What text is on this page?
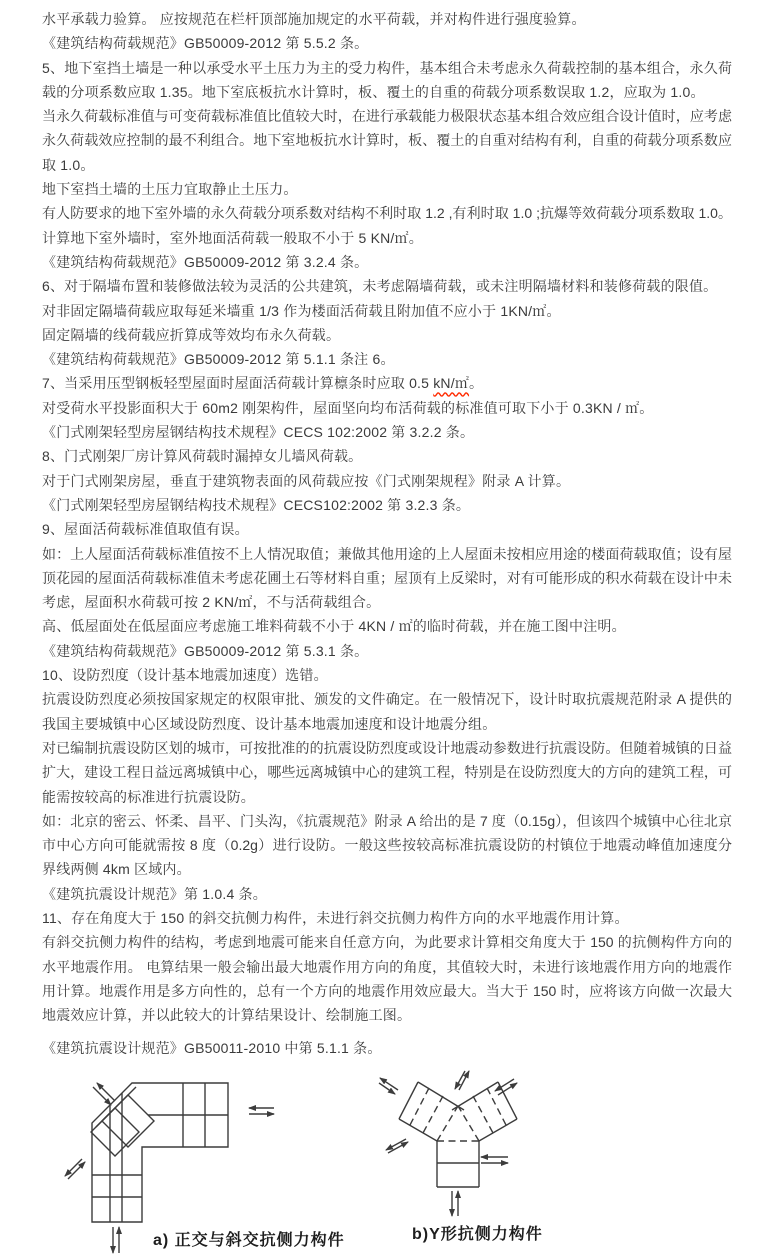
水平承载力验算。 应按规范在栏杆顶部施加规定的水平荷载，并对构件进行强度验算。
《建筑结构荷载规范》GB50009-2012 第 5.5.2 条。
5、地下室挡土墙是一种以承受水平土压力为主的受力构件，基本组合未考虑永久荷载控制的基本组合，永久荷
载的分项系数应取 1.35。地下室底板抗水计算时，板、覆土的自重的荷载分项系数误取 1.2，应取为 1.0。
当永久荷载标准值与可变荷载标准值比值较大时，在进行承载能力极限状态基本组合效应组合设计值时，应考虑
永久荷载效应控制的最不利组合。地下室地板抗水计算时，板、覆土的自重对结构有利，自重的荷载分项系数应
取 1.0。
地下室挡土墙的土压力宜取静止土压力。
有人防要求的地下室外墙的永久荷载分项系数对结构不利时取 1.2 ,有利时取 1.0 ;抗爆等效荷载分项系数取 1.0。
计算地下室外墙时，室外地面活荷载一般取不小于 5 KN/㎡。
《建筑结构荷载规范》GB50009-2012 第 3.2.4 条。
6、对于隔墙布置和装修做法较为灵活的公共建筑，未考虑隔墙荷载，或未注明隔墙材料和装修荷载的限值。
对非固定隔墙荷载应取每延米墙重 1/3 作为楼面活荷载且附加值不应小于 1KN/㎡。
固定隔墙的线荷载应折算成等效均布永久荷载。
《建筑结构荷载规范》GB50009-2012 第 5.1.1 条注 6。
7、当采用压型钢板轻型屋面时屋面活荷载计算檩条时应取 0.5 kN/㎡。
对受荷水平投影面积大于 60m2 刚架构件，屋面坚向均布活荷载的标准值可取下小于 0.3KN / ㎡。
《门式刚架轻型房屋钢结构技术规程》CECS 102:2002 第 3.2.2 条。
8、门式刚架厂房计算风荷载时漏掉女儿墙风荷载。
对于门式刚架房屋，垂直于建筑物表面的风荷载应按《门式刚架规程》附录 A 计算。
《门式刚架轻型房屋钢结构技术规程》CECS102:2002 第 3.2.3 条。
9、屋面活荷载标准值取值有误。
如：上人屋面活荷载标准值按不上人情况取值；兼做其他用途的上人屋面未按相应用途的楼面荷载取值；设有屋
顶花园的屋面活荷载标准值未考虑花圃土石等材料自重；屋顶有上反梁时，对有可能形成的积水荷载在设计中未
考虑，屋面积水荷载可按 2 KN/㎡，不与活荷载组合。
高、低屋面处在低屋面应考虑施工堆料荷载不小于 4KN / ㎡的临时荷载，并在施工图中注明。
《建筑结构荷载规范》GB50009-2012 第 5.3.1 条。
10、设防烈度（设计基本地震加速度）选错。
抗震设防烈度必须按国家规定的权限审批、颁发的文件确定。在一般情况下，设计时取抗震规范附录 A 提供的
我国主要城镇中心区域设防烈度、设计基本地震加速度和设计地震分组。
对已编制抗震设防区划的城市，可按批准的的抗震设防烈度或设计地震动参数进行抗震设防。但随着城镇的日益
扩大，建设工程日益远离城镇中心，哪些远离城镇中心的建筑工程，特别是在设防烈度大的方向的建筑工程，可
能需按较高的标准进行抗震设防。
如：北京的密云、怀柔、昌平、门头沟，《抗震规范》附录 A 给出的是 7 度（0.15g），但该四个城镇中心往北京
市中心方向可能就需按 8 度（0.2g）进行设防。一般这些按较高标准抗震设防的村镇位于地震动峰值加速度分
界线两侧 4km 区域内。
《建筑抗震设计规范》第 1.0.4 条。
11、存在角度大于 150 的斜交抗侧力构件，未进行斜交抗侧力构件方向的水平地震作用计算。
有斜交抗侧力构件的结构，考虑到地震可能来自任意方向，为此要求计算相交角度大于 150 的抗侧构件方向的
水平地震作用。 电算结果一般会输出最大地震作用方向的角度，其值较大时，未进行该地震作用方向的地震作
用计算。地震作用是多方向性的，总有一个方向的地震作用效应最大。当大于 150 时，应将该方向做一次最大
地震效应计算，并以此较大的计算结果设计、绘制施工图。
《建筑抗震设计规范》GB50011-2010 中第 5.1.1 条。
a) 正交与斜交抗侧力构件	b)Y形抗侧力构件
